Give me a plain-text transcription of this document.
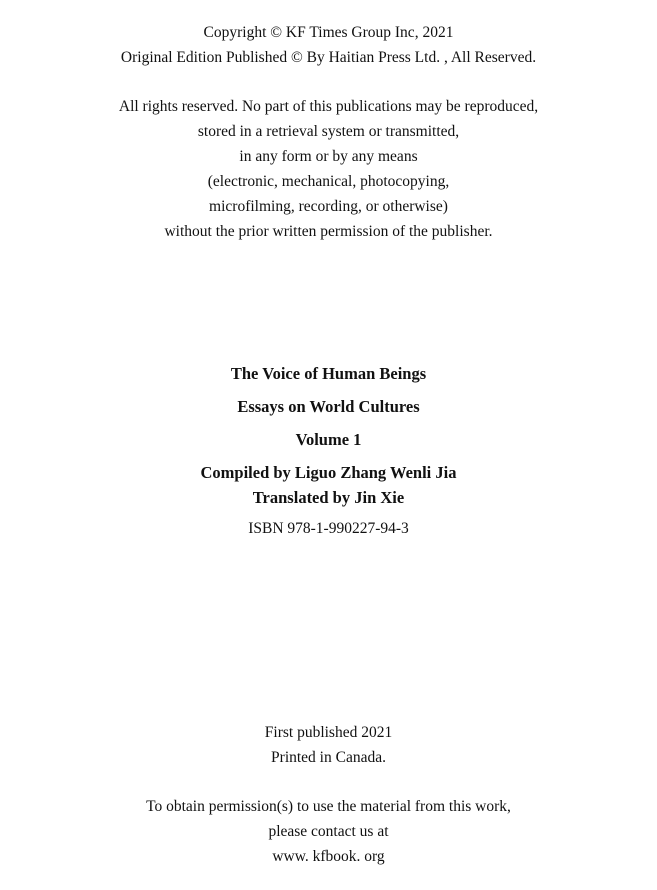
Copyright © KF Times Group Inc, 2021
Original Edition Published © By Haitian Press Ltd. , All Reserved.
All rights reserved. No part of this publications may be reproduced,
stored in a retrieval system or transmitted,
in any form or by any means
(electronic, mechanical, photocopying,
microfilming, recording, or otherwise)
without the prior written permission of the publisher.
The Voice of Human Beings
Essays on World Cultures
Volume 1
Compiled by Liguo Zhang Wenli Jia
Translated by Jin Xie
ISBN 978-1-990227-94-3
First published 2021
Printed in Canada.
To obtain permission(s) to use the material from this work,
please contact us at
www. kfbook. org
